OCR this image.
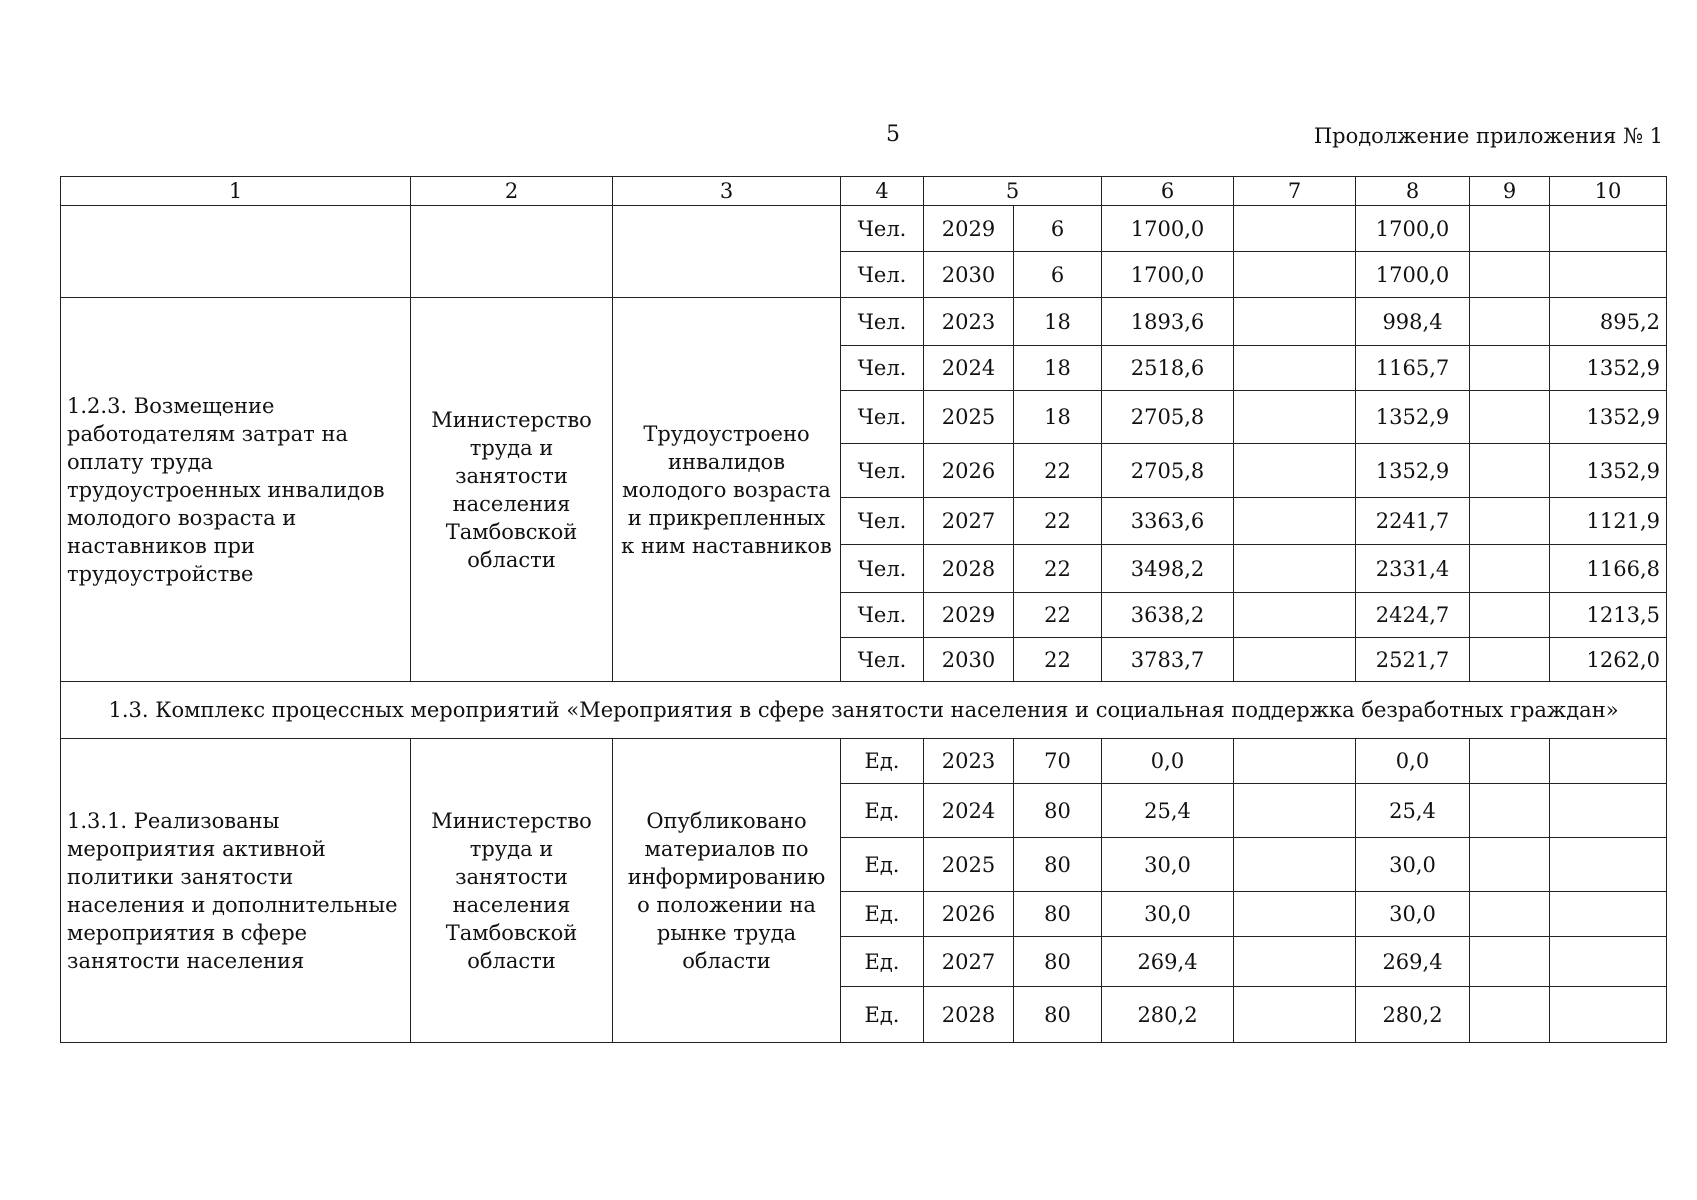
5	Продолжение приложения № 1
1	2	3	4	5		6	7	8	9	10
			Чел.	2029	6	1700,0		1700,0		
			Чел.	2030	6	1700,0		1700,0		
1.2.3. Возмещение работодателям затрат на оплату труда трудоустроенных инвалидов молодого возраста и наставников при трудоустройстве	Министерство труда и занятости населения Тамбовской области	Трудоустроено инвалидов молодого возраста и прикрепленных к ним наставников	Чел.	2023	18	1893,6		998,4		895,2
			Чел.	2024	18	2518,6		1165,7		1352,9
			Чел.	2025	18	2705,8		1352,9		1352,9
			Чел.	2026	22	2705,8		1352,9		1352,9
			Чел.	2027	22	3363,6		2241,7		1121,9
			Чел.	2028	22	3498,2		2331,4		1166,8
			Чел.	2029	22	3638,2		2424,7		1213,5
			Чел.	2030	22	3783,7		2521,7		1262,0
1.3. Комплекс процессных мероприятий «Мероприятия в сфере занятости населения и социальная поддержка безработных граждан»										
1.3.1. Реализованы мероприятия активной политики занятости населения и дополнительные мероприятия в сфере занятости населения	Министерство труда и занятости населения Тамбовской области	Опубликовано материалов по информированию о положении на рынке труда области	Ед.	2023	70	0,0		0,0		
			Ед.	2024	80	25,4		25,4		
			Ед.	2025	80	30,0		30,0		
			Ед.	2026	80	30,0		30,0		
			Ед.	2027	80	269,4		269,4		
			Ед.	2028	80	280,2		280,2		
